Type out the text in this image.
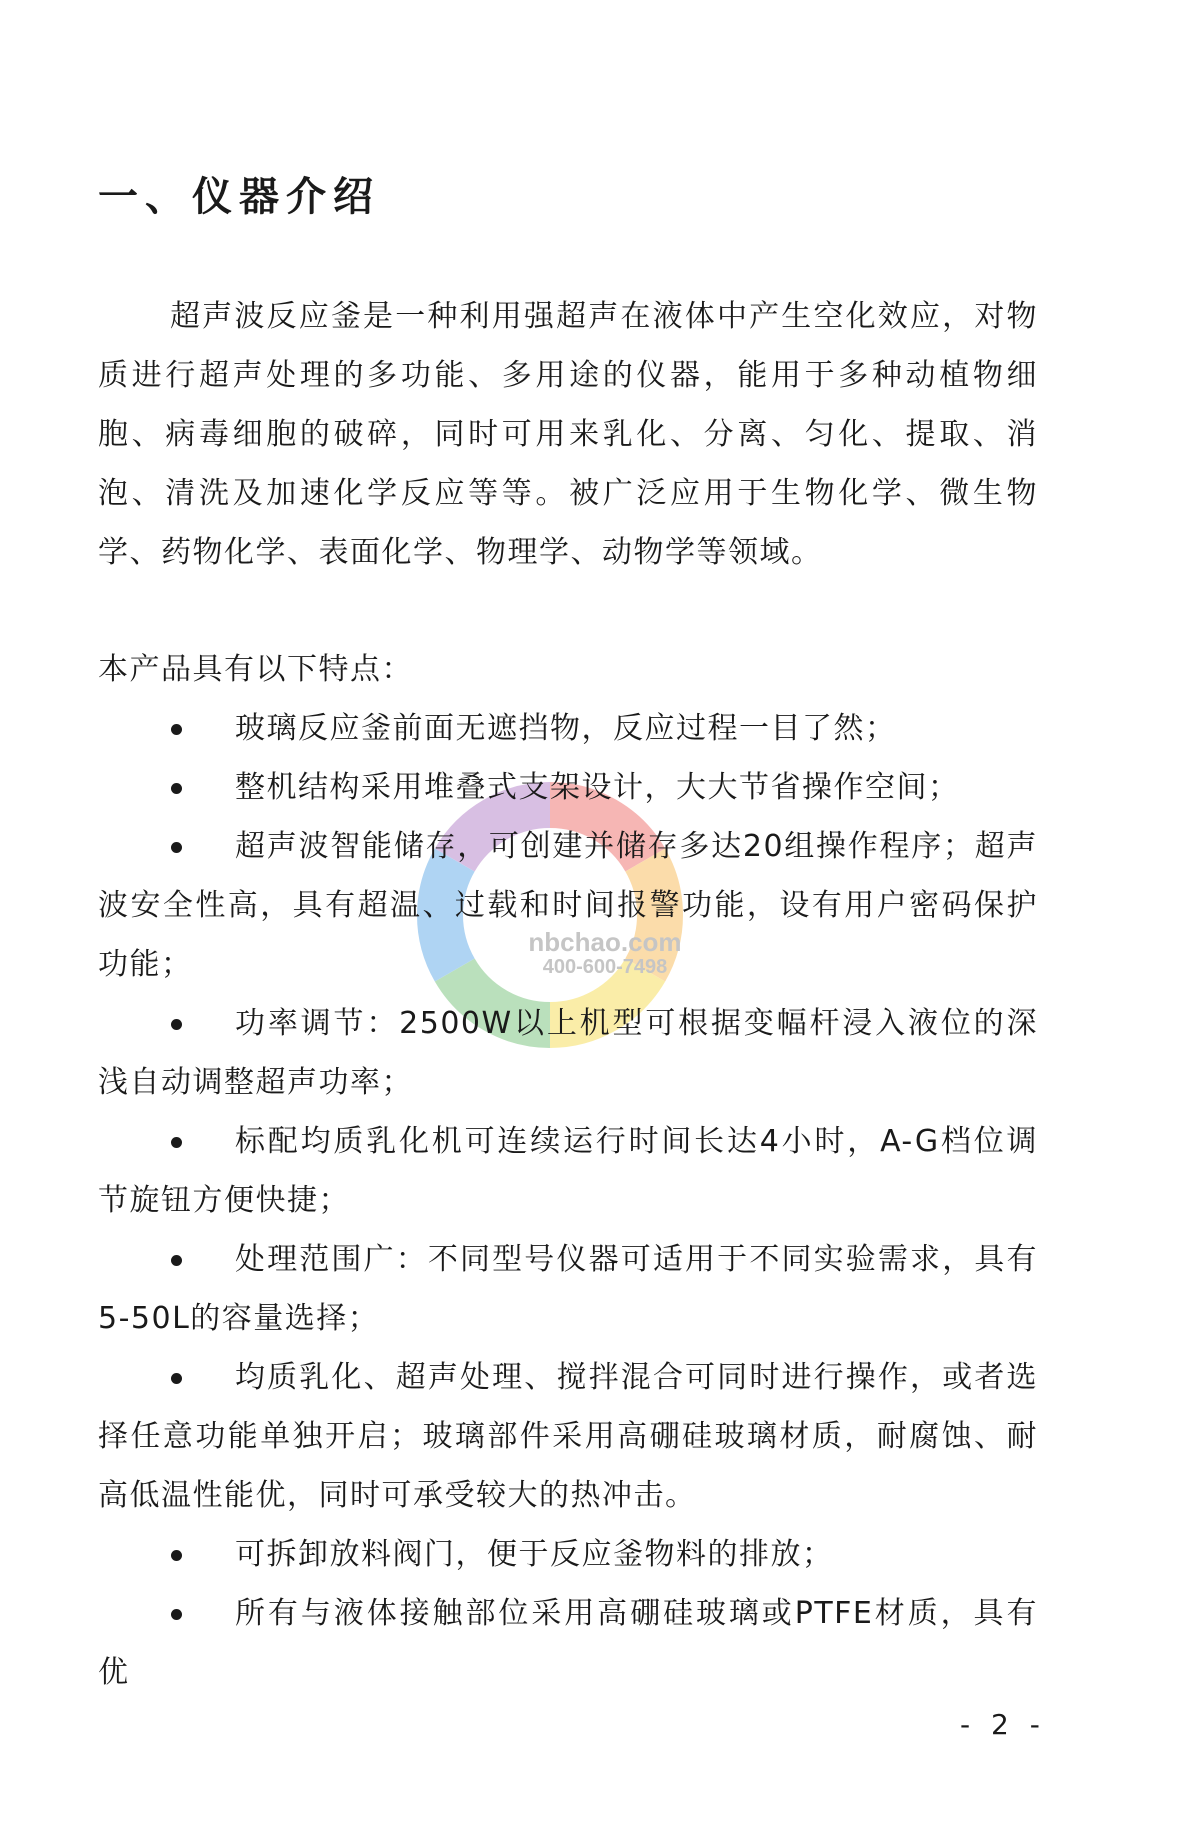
nbchao.com
400-600-7498
一、仪器介绍
超声波反应釜是一种利用强超声在液体中产生空化效应，对物质进行超声处理的多功能、多用途的仪器，能用于多种动植物细胞、病毒细胞的破碎，同时可用来乳化、分离、匀化、提取、消泡、清洗及加速化学反应等等。被广泛应用于生物化学、微生物学、药物化学、表面化学、物理学、动物学等领域。
本产品具有以下特点：
玻璃反应釜前面无遮挡物，反应过程一目了然；
整机结构采用堆叠式支架设计，大大节省操作空间；
超声波智能储存，可创建并储存多达20组操作程序；超声波安全性高，具有超温、过载和时间报警功能，设有用户密码保护功能；
功率调节：2500W以上机型可根据变幅杆浸入液位的深浅自动调整超声功率；
标配均质乳化机可连续运行时间长达4小时，A-G档位调节旋钮方便快捷；
处理范围广：不同型号仪器可适用于不同实验需求，具有5-50L的容量选择；
均质乳化、超声处理、搅拌混合可同时进行操作，或者选择任意功能单独开启；玻璃部件采用高硼硅玻璃材质，耐腐蚀、耐高低温性能优，同时可承受较大的热冲击。
可拆卸放料阀门，便于反应釜物料的排放；
所有与液体接触部位采用高硼硅玻璃或PTFE材质，具有优
- 2 -
